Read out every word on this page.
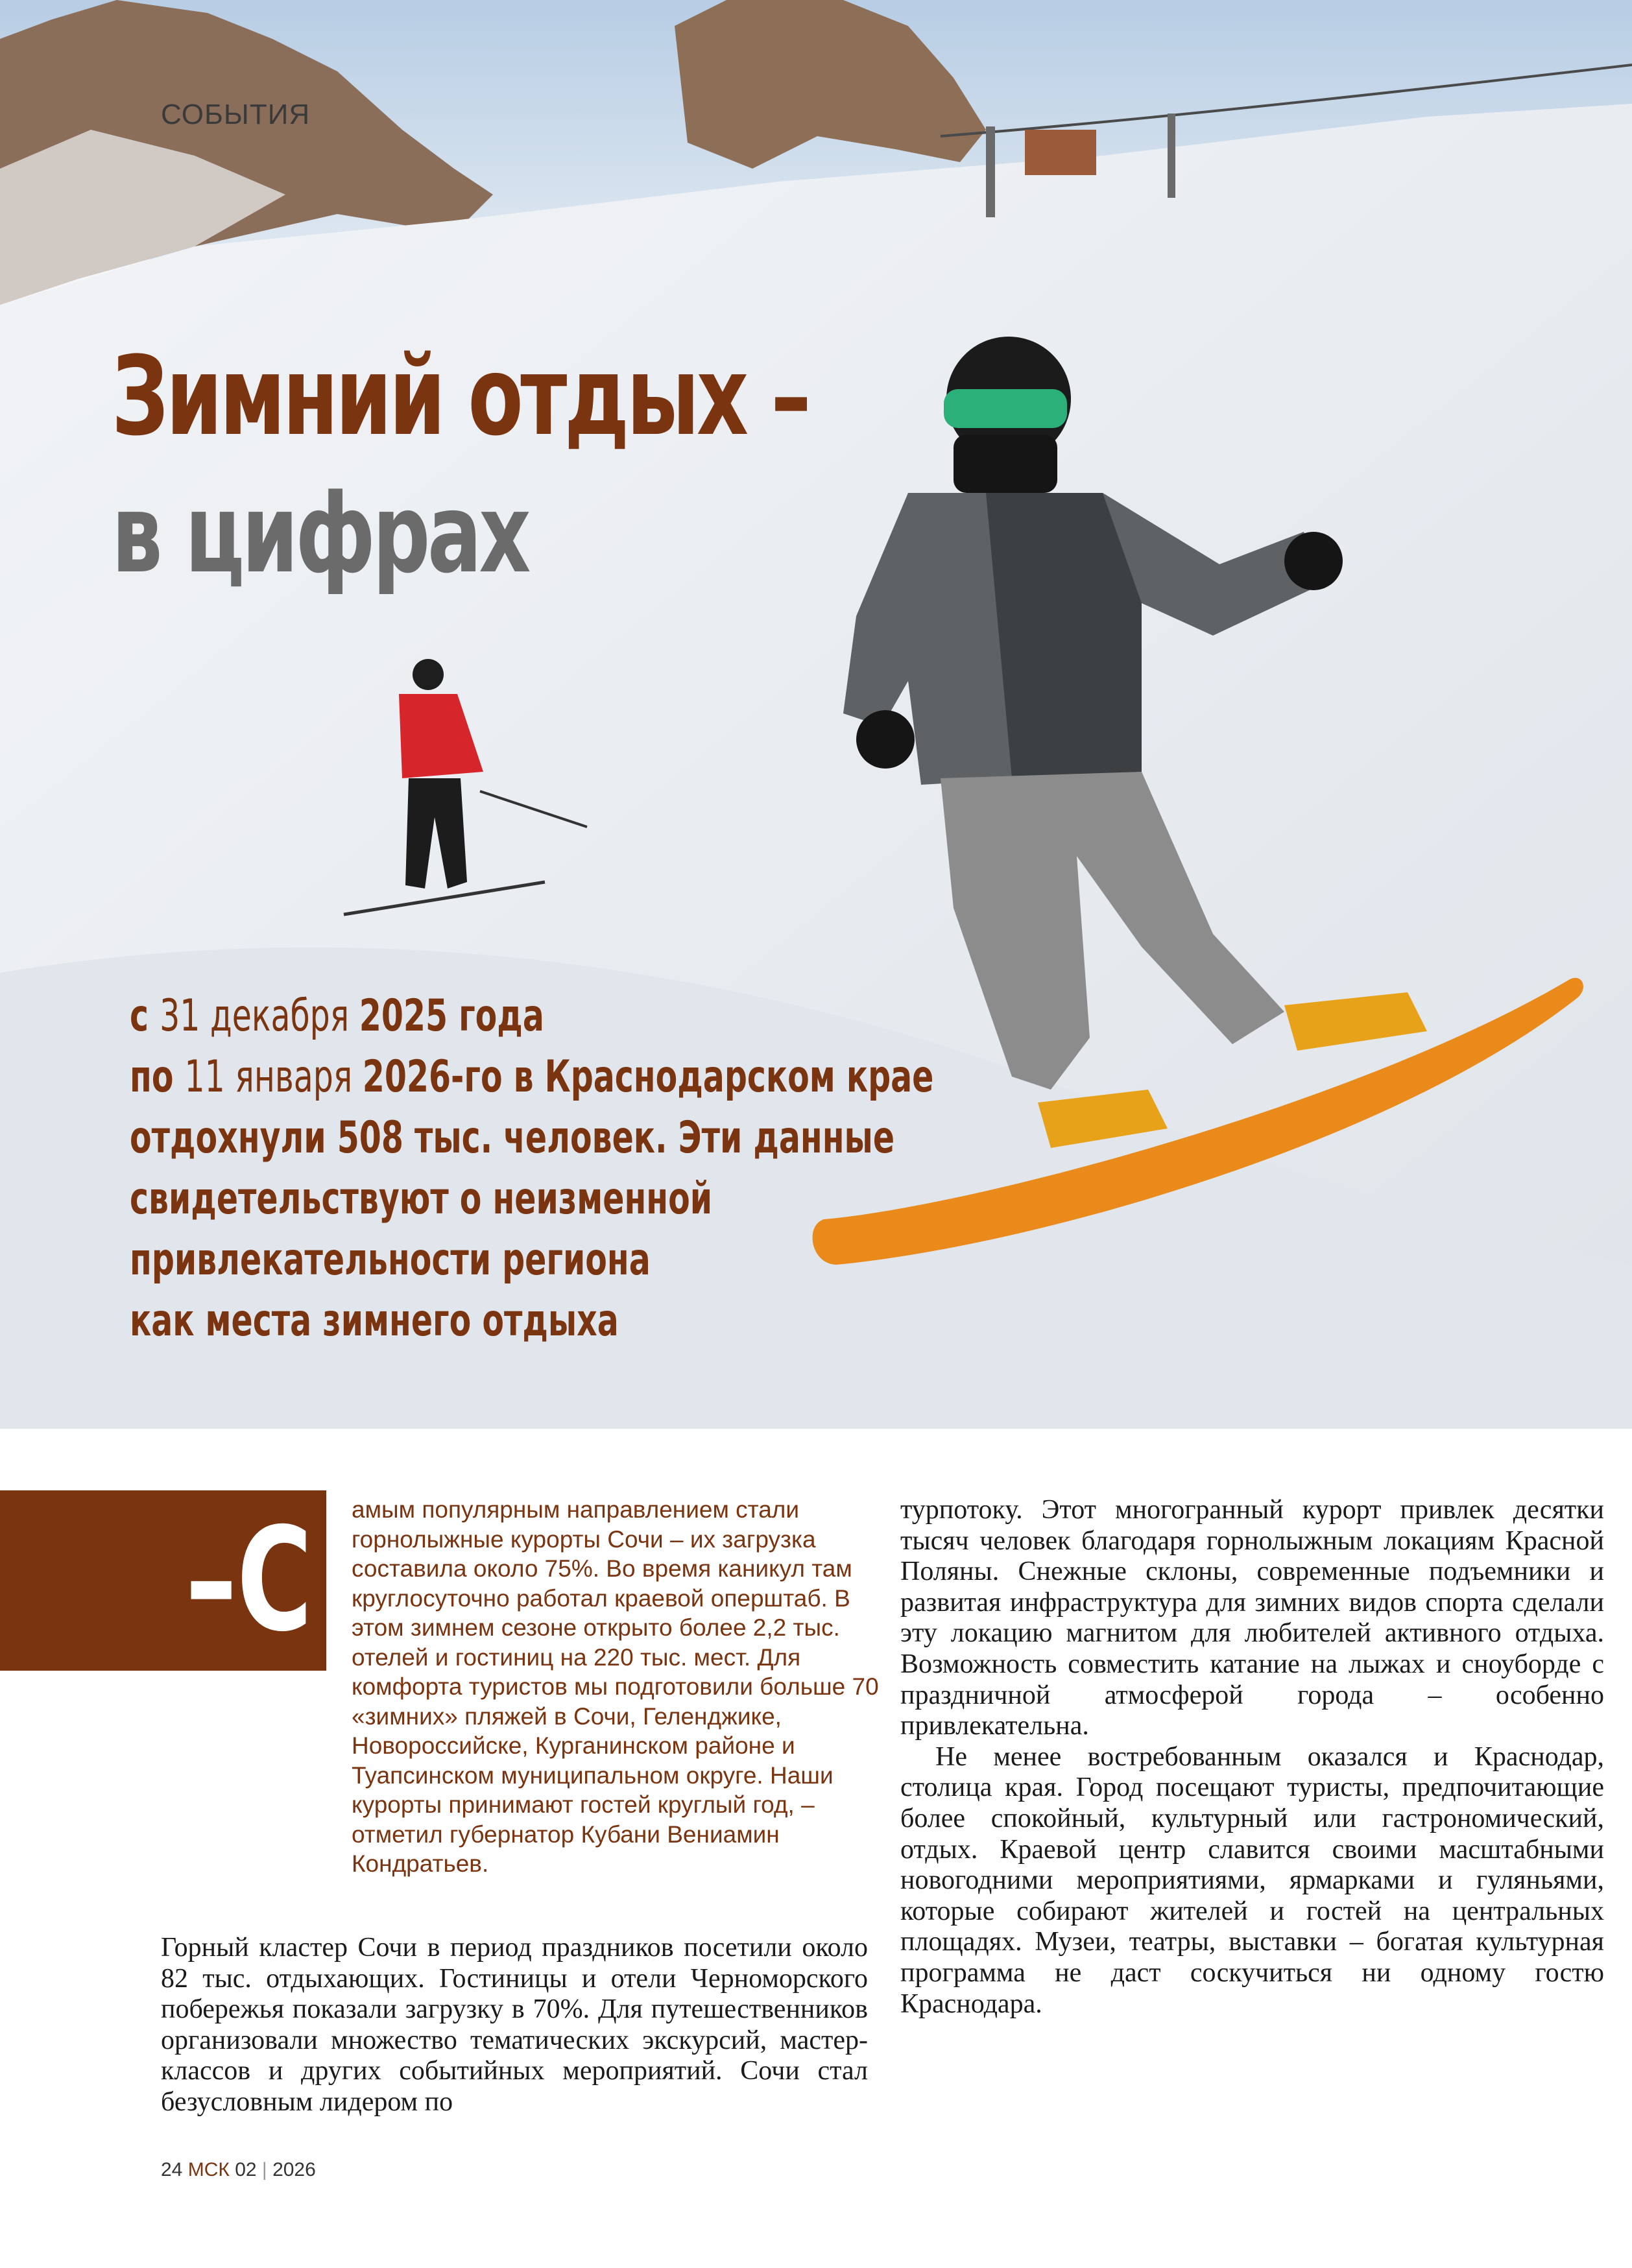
СОБЫТИЯ
Зимний отдых –
в цифрах

с 31 декабря 2025 года
по 11 января 2026-го в Краснодарском крае
отдохнули 508 тыс. человек. Эти данные
свидетельствуют о неизменной
привлекательности региона
как места зимнего отдыха

–С амым популярным направлением стали горнолыжные курорты Сочи – их загрузка составила около 75%. Во время каникул там круглосуточно работал краевой оперштаб. В этом зимнем сезоне открыто более 2,2 тыс. отелей и гостиниц на 220 тыс. мест. Для комфорта туристов мы подготовили больше 70 «зимних» пляжей в Сочи, Геленджике, Новороссийске, Курганинском районе и Туапсинском муниципальном округе. Наши курорты принимают гостей круглый год, – отметил губернатор Кубани Вениамин Кондратьев.

Горный кластер Сочи в период праздников посетили около 82 тыс. отдыхающих. Гостиницы и отели Черноморского побережья показали загрузку в 70%. Для путешественников организовали множество тематических экскурсий, мастер-классов и других событийных мероприятий. Сочи стал безусловным лидером по

турпотоку. Этот многогранный курорт привлек десятки тысяч человек благодаря горнолыжным локациям Красной Поляны. Снежные склоны, современные подъемники и развитая инфраструктура для зимних видов спорта сделали эту локацию магнитом для любителей активного отдыха. Возможность совместить катание на лыжах и сноуборде с праздничной атмосферой города – особенно привлекательна.

Не менее востребованным оказался и Краснодар, столица края. Город посещают туристы, предпочитающие более спокойный, культурный или гастрономический, отдых. Краевой центр славится своими масштабными новогодними мероприятиями, ярмарками и гуляньями, которые собирают жителей и гостей на центральных площадях. Музеи, театры, выставки – богатая культурная программа не даст соскучиться ни одному гостю Краснодара.

24 МСК 02 | 2026
